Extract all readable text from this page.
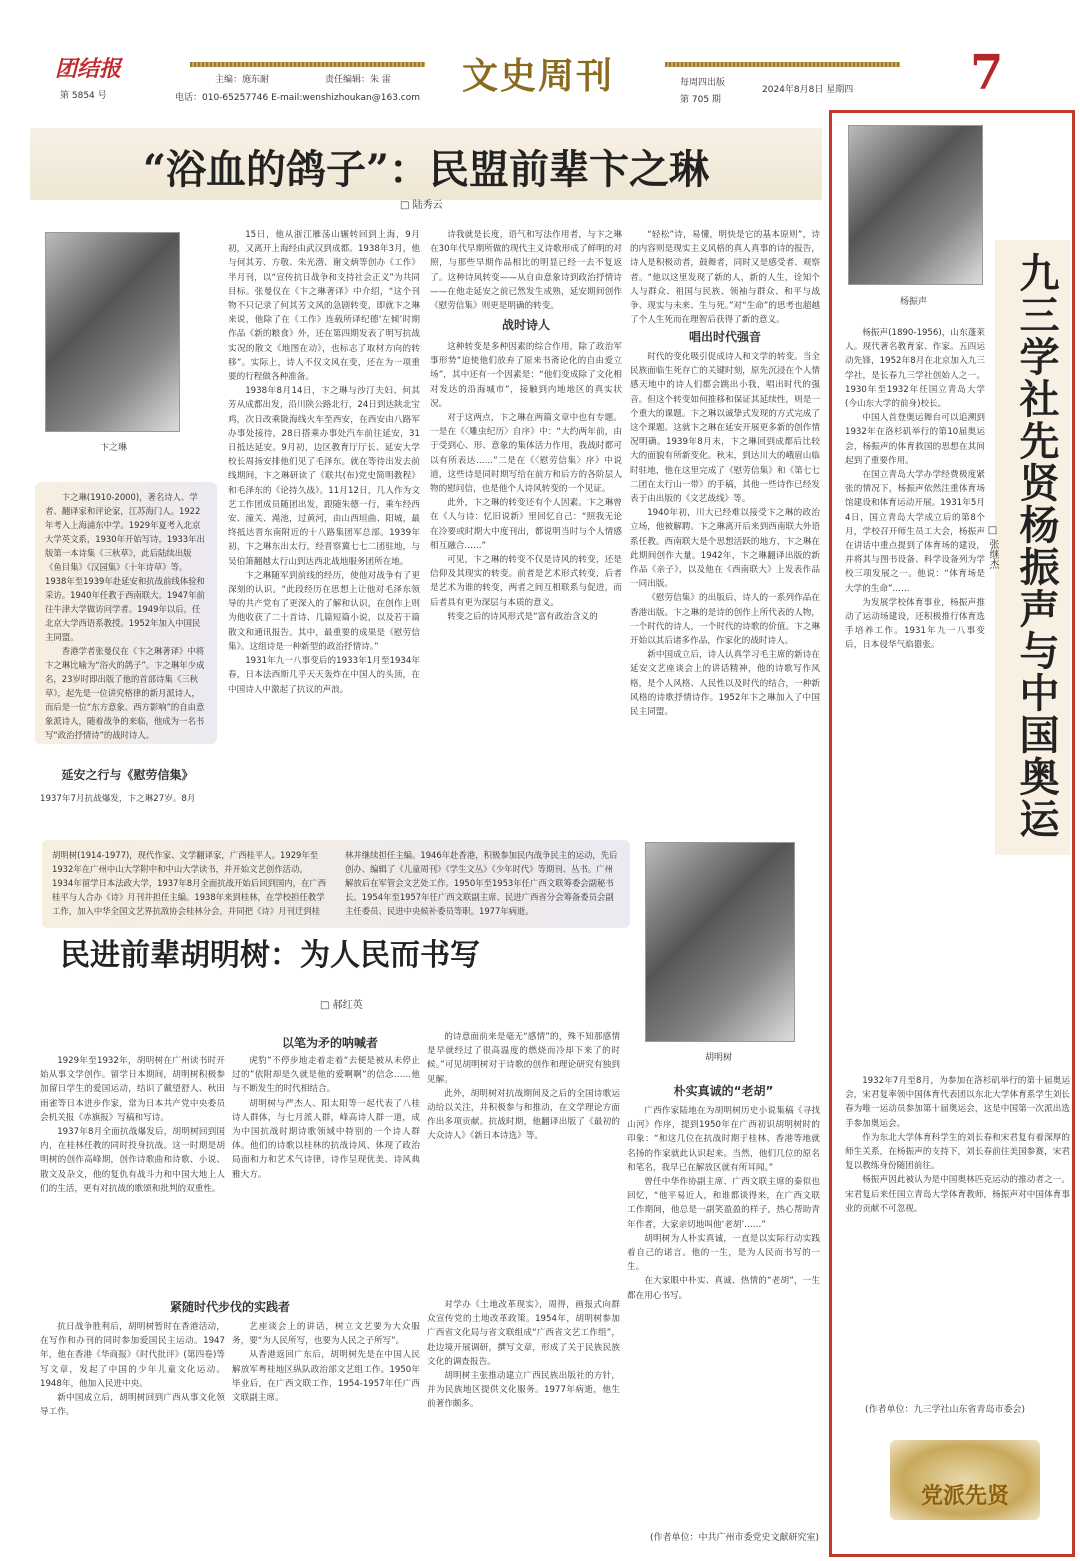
团结报
第 5854 号
主编：施东耐	责任编辑：朱 雷
电话：010-65257746 E-mail:wenshizhoukan@163.com
文史周刊	每周四出版
第 705 期
2024年8月8日 星期四 7
“浴血的鸽子”：民盟前辈卞之琳
□ 陆秀云
卞之琳

卞之琳(1910-2000)，著名诗人、学者、翻译家和评论家，江苏海门人。1922年考入上海浦东中学。1929年夏考入北京大学英文系，1930年开始写诗。1933年出版第一本诗集《三秋草》，此后陆续出版《鱼目集》《汉园集》《十年诗草》等。1938年至1939年赴延安和抗战前线体验和采访。1940年任教于西南联大。1947年前往牛津大学做访问学者。1949年以后，任北京大学西语系教授。1952年加入中国民主同盟。

香港学者张曼仪在《卞之琳著译》中将卞之琳比喻为“浴火的鸽子”。卞之琳年少成名，23岁时即出版了他的首部诗集《三秋草》，起先是一位讲究格律的新月派诗人，而后是一位“东方意象、西方影响”的自由意象派诗人，随着战争的来临，他成为一名书写“政治抒情诗”的战时诗人。

延安之行与《慰劳信集》
1937年7月抗战爆发，卞之琳27岁。8月

15日，他从浙江雁荡山辗转回到上海，9月初，又离开上海经由武汉到成都。1938年3月，他与何其芳、方敬、朱光潜、谢文炳等创办《工作》半月刊，以“宣传抗日战争和支持社会正义”为共同目标。张曼仪在《卞之琳著译》中介绍，“这个刊物不只记录了何其芳文风的急剧转变，即就卞之琳来说，他除了在《工作》连载所译纪德‘左倾’时期作品《新的粮食》外，还在第四期发表了明写抗战实况的散文《地图在动》，也标志了取材方向的转移”。实际上，诗人不仅文风在变，还在为一项重要的行程做各种准备。

1938年8月14日，卞之琳与沙汀夫妇、何其芳从成都出发，沿川陕公路北行，24日到达陕北宝鸡，次日改乘陇海线火车至西安，在西安由八路军办事处接待，28日搭乘办事处汽车前往延安，31日抵达延安。9月初，边区教育厅厅长、延安大学校长周扬安排他们见了毛泽东。就在等待出发去前线期间，卞之琳研读了《联共(布)党史简明教程》和毛泽东的《论持久战》。11月12日，几人作为文艺工作团成员随团出发，跟随朱德一行，乘车经西安、潼关、渑池，过黄河，由山西垣曲、阳城，最终抵达晋东南附近的十八路集团军总部。1939年初，卞之琳东出太行，经晋察冀七七二团驻地，与吴伯箫翻越太行山到达西北战地服务团所在地。

卞之琳随军到前线的经历，使他对战争有了更深刻的认识。“此段经历在思想上让他对毛泽东领导的共产党有了更深入的了解和认识，在创作上则为他收获了二十首诗、几篇短篇小说，以及若干篇散文和通讯报告。其中，最重要的成果是《慰劳信集》。这组诗是一种新型的政治抒情诗。”

1931年九一八事变后的1933年1月至1934年春，日本法西斯几乎天天轰炸在中国人的头顶，在中国诗人中激起了抗议的声浪。

诗我就是长度，语气和写法作用者，与卞之琳在30年代早期所做的现代主义诗歌形成了鲜明的对照，与那些早期作品相比的明显已经一去不复返了。这种诗风转变——从自由意象诗到政治抒情诗——在他走延安之前已然发生成熟，延安期间创作《慰劳信集》则更是明确的转变。

战时诗人

这种转变是多种因素的综合作用，除了政治军事形势“迫使他们放弃了原来书斋论化的自由爱立场”，其中还有一个因素是：“他们变成除了文化相对发达的沿海城市”，接触到内地地区的真实状况。

对于这两点，卞之琳在两篇文章中也有专题。一是在《〈雕虫纪历〉自序》中：“大约两年前，由于受到心、形、意象的集体活力作用，我战时都可以有所表达……”二是在《〈慰劳信集〉序》中说道，这些诗是同时期写给在前方和后方的各阶层人物的慰问信，也是他个人诗风转变的一个见证。

此外，卞之琳的转变还有个人因素。卞之琳曾在《人与诗：忆旧说新》里回忆自己：“照我无论在冷要或时期大中度刊出，都说明当时与个人情感相互融合……”

可见，卞之琳的转变不仅是诗风的转变，还是信仰及其现实的转变。前者是艺术形式转变，后者是艺术为谁的转变，两者之间互相联系与促进，而后者具有更为深层与本质的意义。

转变之后的诗风形式是“富有政治含义的

“轻松”诗，易懂，明快是它的基本原则”，诗的内容则是现实主义风格的真人真事的诗的报告，诗人是积极动者，鼓舞者，同时又是感受者、观察者。“他以这里发现了新的人，新的人生，诠知个人与群众、祖国与民族、领袖与群众、和平与战争、现实与未来、生与死。”对“生命”的思考也超越了个人生死而在理智后获得了新的意义。

唱出时代强音

时代的变化吸引促成诗人和文学的转变。当全民族面临生死存亡的关键时刻，原先沉浸在个人情感天地中的诗人们都会跳出小我，唱出时代的强音。但这个转变如何推移和保证其延续性，则是一个重大的课题。卞之琳以诚挚式发现的方式完成了这个课题。这就卞之琳在延安开展更多新的创作情况明确。1939年8月末，卞之琳回到成都后比较大的面貌有所新变化。秋末，到达川大的峨眉山临时驻地，他在这里完成了《慰劳信集》和《第七七二团在太行山一带》的手稿，其他一些诗作已经发表于由出版的《文艺战线》等。

1940年初，川大已经难以接受卞之琳的政治立场，他被解聘。卞之琳离开后来到西南联大外语系任教。西南联大是个思想活跃的地方，卞之琳在此期间创作大量。1942年，卞之琳翻译出版的新作品《亲子》，以及他在《西南联大》上发表作品一同出版。

《慰劳信集》的出版后，诗人的一系列作品在香港出版。卞之琳的是诗的创作上所代表的人物，一个时代的诗人，一个时代的诗歌的价值。卞之琳开始以其后诸多作品，作家化的战时诗人。

新中国成立后，诗人认真学习毛主席的新诗在延安文艺座谈会上的讲话精神，他的诗歌写作风格，是个人风格、人民性以及时代的结合，一种新风格的诗歌抒情诗作。1952年卞之琳加入了中国民主同盟。

胡明树(1914-1977)，现代作家、文学翻译家，广西桂平人。1929年至1932年在广州中山大学附中和中山大学读书，并开始文艺创作活动。1934年留学日本法政大学，1937年8月全面抗战开始后回到国内，在广西桂平与人合办《诗》月刊并担任主编。1938年来到桂林，在学校担任教学工作，加入中华全国文艺界抗敌协会桂林分会，并同把《诗》月刊迁到桂林并继续担任主编。1946年赴香港，积极参加民内战争民主的运动，先后创办、编辑了《儿童周刊》《学生文丛》《少年时代》等期刊、丛书。广州解放后在军管会文艺处工作。1950年至1953年任广西文联筹委会副秘书长。1954年至1957年任广西文联副主席、民进广西省分会筹备委员会副主任委员、民进中央候补委员等职。1977年病逝。
胡明树
民进前辈胡明树：为人民而书写
□ 郝红英
以笔为矛的呐喊者

1929年至1932年，胡明树在广州读书时开始从事文学创作。留学日本期间，胡明树积极参加留日学生的爱国运动，结识了戴望舒人、秋田雨雀等日本进步作家，常为日本共产党中央委员会机关报《赤旗报》写稿和写诗。

1937年8月全面抗战爆发后，胡明树回到国内，在桂林任教的同时投身抗战。这一时期是胡明树的创作高峰期，创作诗歌曲和诗歌、小说、散文及杂文，他的复仇有战斗力和中国大地上人们的生活，更有对抗战的歌颂和批判的双重性。

虎豹”不停步地走着走着“去便是被从未停止过的”依附却是久就是他的爱啊啊”的信念……他与不断发生的时代相结合。

胡明树与严杰人、阳太阳等一起代表了八桂诗人群体，与七月派人群，峰高诗人群一道，成为中国抗战时期诗歌领域中特别的一个诗人群体。他们的诗歌以桂林的抗战诗风、体现了政治局面和力和艺术气诗律，诗作呈现优美、诗风典雅大方。

的诗意面前来是毫无“感情”的，殊不知那感情是早就经过了很高温度的燃烧而冷却下来了的时候。”可见胡明树对于诗歌的创作和理论研究有独到见解。

此外，胡明树对抗战期间及之后的全国诗歌运动给以关注，并积极参与和推动，在文学理论方面作出多项贡献。抗战时期，他翻译出版了《最初的大众诗人》《新日本诗选》等。

紧随时代步伐的实践者

抗日战争胜利后，胡明树暂时在香港活动，在写作和办刊的同时参加爱国民主运动。1947年，他在香港《华商报》《时代批评》(第四卷)等写文章，发起了中国的少年儿童文化运动。1948年，他加入民进中央。

新中国成立后，胡明树回到广西从事文化领导工作。

艺座谈会上的讲话，树立文艺要为大众服务，要“为人民所写，也要为人民之子所写”。

从香港返回广东后，胡明树先是在中国人民解放军粤桂地区纵队政治部文艺组工作。1950年毕业后，在广西文联工作，1954-1957年任广西文联副主席。

对学办《土地改革现实》，周得，画报式向群众宣传党的土地改革政策。1954年，胡明树参加广西省文化局与省文联组成“广西省文艺工作组”，赴边境开展调研，撰写文章，形成了关于民族民族文化的调查报告。

胡明树主张推动建立广西民族出版社的方针，并为民族地区提供文化服务。1977年病逝，他生前著作颇多。

朴实真诚的“老胡”

广西作家陆地在为胡明树历史小说集稿《寻找山河》作序，提到1950年在广西初识胡明树时的印象：“和这几位在抗战时期于桂林、香港等地就名扬的作家就此认识起来。当然，他们几位的原名和笔名，我早已在解放区就有所耳闻。”

曾任中华作协副主席、广西文联主席的秦似也回忆，“他平易近人，和谁都谈得来，在广西文联工作期间，他总是一副笑盈盈的样子，热心帮助青年作者，大家亲切地叫他‘老胡’……”

胡明树为人朴实真诚，一直是以实际行动实践着自己的诺言。他的一生，是为人民而书写的一生。

在大家眼中朴实、真诚、热情的“老胡”，一生都在用心书写。

(作者单位：中共广州市委党史文献研究室)
杨振声 九三学社先贤杨振声与中国奥运
□ 张继杰

杨振声(1890-1956)，山东蓬莱人。现代著名教育家、作家。五四运动先锋，1952年8月在北京加入九三学社，是长春九三学社创始人之一。1930年至1932年任国立青岛大学(今山东大学的前身)校长。

中国人首登奥运舞台可以追溯到1932年在洛杉矶举行的第10届奥运会，杨振声的体育救国的思想在其间起到了重要作用。

在国立青岛大学办学经费极度紧张的情况下，杨振声依然注重体育场馆建设和体育运动开展。1931年5月4日，国立青岛大学成立后的第8个月，学校召开师生员工大会，杨振声在讲话中重点提到了体育场的建设，并将其与图书设备、科学设备列为学校三项发展之一。他说：“体育场是大学的生命”……

为发展学校体育事业，杨振声推动了运动场建设，还积极推行体育选手培养工作。1931年九一八事变后，日本侵华气焰嚣张。

1932年7月至8月，为参加在洛杉矶举行的第十届奥运会，宋君复率领中国体育代表团以东北大学体育系学生刘长春为唯一运动员参加第十届奥运会，这是中国第一次派出选手参加奥运会。

作为东北大学体育科学生的刘长春和宋君复有着深厚的师生关系，在杨振声的支持下，刘长春前往美国参赛，宋君复以教练身份随团前往。

杨振声因此被认为是中国奥林匹克运动的推动者之一。宋君复后来任国立青岛大学体育教师，杨振声对中国体育事业的贡献不可忽视。

(作者单位：九三学社山东省青岛市委会)
党派先贤
